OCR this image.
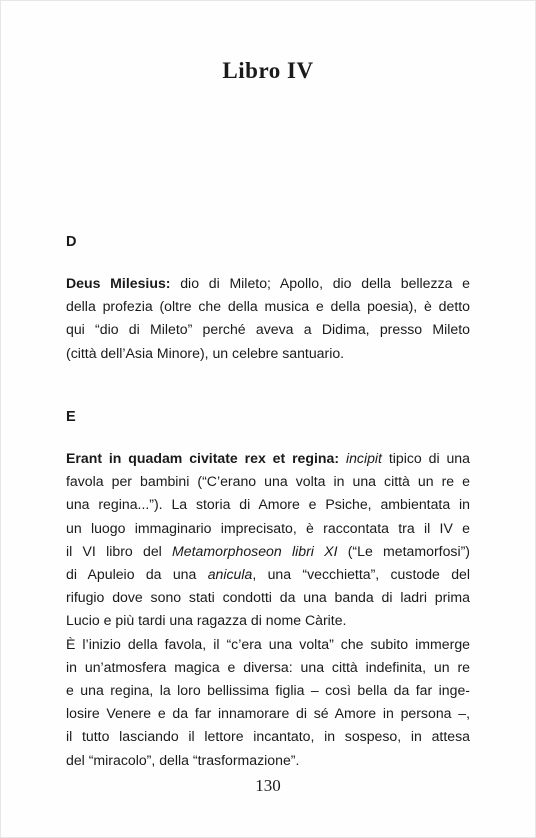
Libro IV
D
Deus Milesius: dio di Mileto; Apollo, dio della bellezza e
della profezia (oltre che della musica e della poesia), è detto
qui “dio di Mileto” perché aveva a Didima, presso Mileto
(città dell’Asia Minore), un celebre santuario.
E
Erant in quadam civitate rex et regina: incipit tipico di una
favola per bambini (“C’erano una volta in una città un re e
una regina...”). La storia di Amore e Psiche, ambientata in
un luogo immaginario imprecisato, è raccontata tra il IV e
il VI libro del Metamorphoseon libri XI (“Le metamorfosi”)
di Apuleio da una anicula, una “vecchietta”, custode del
rifugio dove sono stati condotti da una banda di ladri prima
Lucio e più tardi una ragazza di nome Càrite.
È l’inizio della favola, il “c’era una volta” che subito immerge
in un’atmosfera magica e diversa: una città indefinita, un re
e una regina, la loro bellissima figlia – così bella da far inge-
losire Venere e da far innamorare di sé Amore in persona –,
il tutto lasciando il lettore incantato, in sospeso, in attesa
del “miracolo”, della “trasformazione”.
130
